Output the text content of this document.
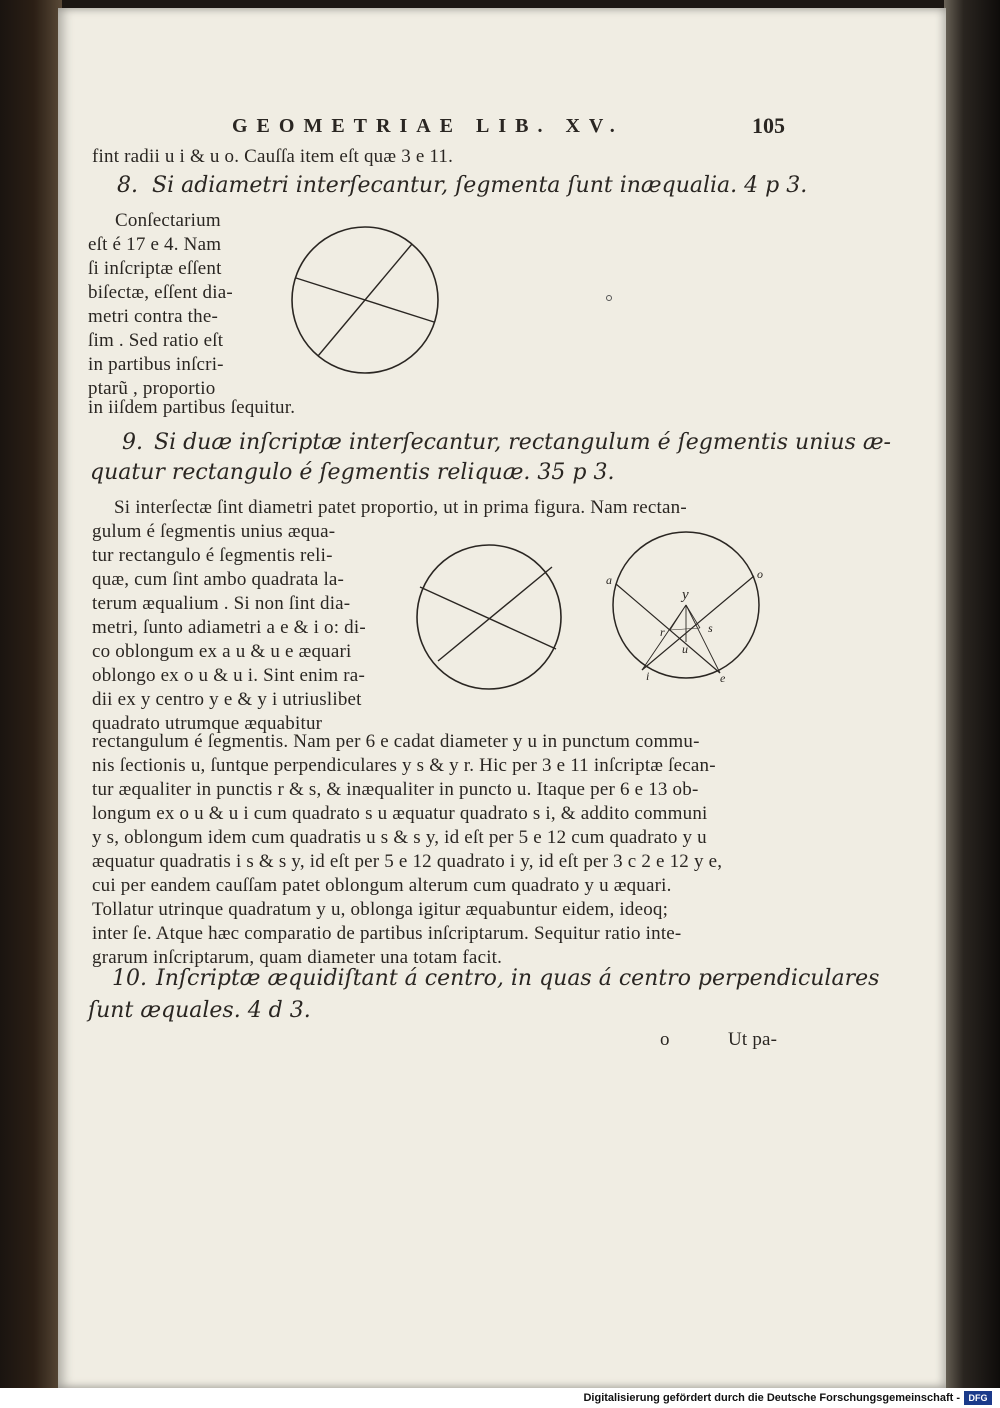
GEOMETRIAE LIB. XV.	105
fint radii u i & u o. Cauſſa item eſt quæ 3 e 11.
8. Si adiametri interſecantur, ſegmenta ſunt inæqualia. 4 p 3.
Conſectarium
eſt é 17 e 4. Nam
ſi inſcriptæ eſſent
biſectæ, eſſent dia-
metri contra the-
ſim . Sed ratio eſt
in partibus inſcri-
ptarũ , proportio
in iiſdem partibus ſequitur.
9. Si duæ inſcriptæ interſecantur, rectangulum é ſegmentis unius æ-
quatur rectangulo é ſegmentis reliquæ. 35 p 3.
Si interſectæ ſint diametri patet proportio, ut in prima figura. Nam rectan-
gulum é ſegmentis unius æqua-
tur rectangulo é ſegmentis reli-
quæ, cum ſint ambo quadrata la-
terum æqualium . Si non ſint dia-
metri, ſunto adiametri a e & i o: di-
co oblongum ex a u & u e æquari
oblongo ex o u & u i. Sint enim ra-
dii ex y centro y e & y i utriuslibet
quadrato utrumque æquabitur
a	o
y
r	s
u
i	e
rectangulum é ſegmentis. Nam per 6 e cadat diameter y u in punctum commu-
nis ſectionis u, ſuntque perpendiculares y s & y r. Hic per 3 e 11 inſcriptæ ſecan-
tur æqualiter in punctis r & s, & inæqualiter in puncto u. Itaque per 6 e 13 ob-
longum ex o u & u i cum quadrato s u æquatur quadrato s i, & addito communi
y s, oblongum idem cum quadratis u s & s y, id eſt per 5 e 12 cum quadrato y u
æquatur quadratis i s & s y, id eſt per 5 e 12 quadrato i y, id eſt per 3 c 2 e 12 y e,
cui per eandem cauſſam patet oblongum alterum cum quadrato y u æquari.
Tollatur utrinque quadratum y u, oblonga igitur æquabuntur eidem, ideoq;
inter ſe. Atque hæc comparatio de partibus inſcriptarum. Sequitur ratio inte-
grarum inſcriptarum, quam diameter una totam facit.
10. Inſcriptæ æquidiſtant á centro, in quas á centro perpendiculares
ſunt æquales. 4 d 3.
o	Ut pa-
Digitalisierung gefördert durch die Deutsche Forschungsgemeinschaft - DFG
